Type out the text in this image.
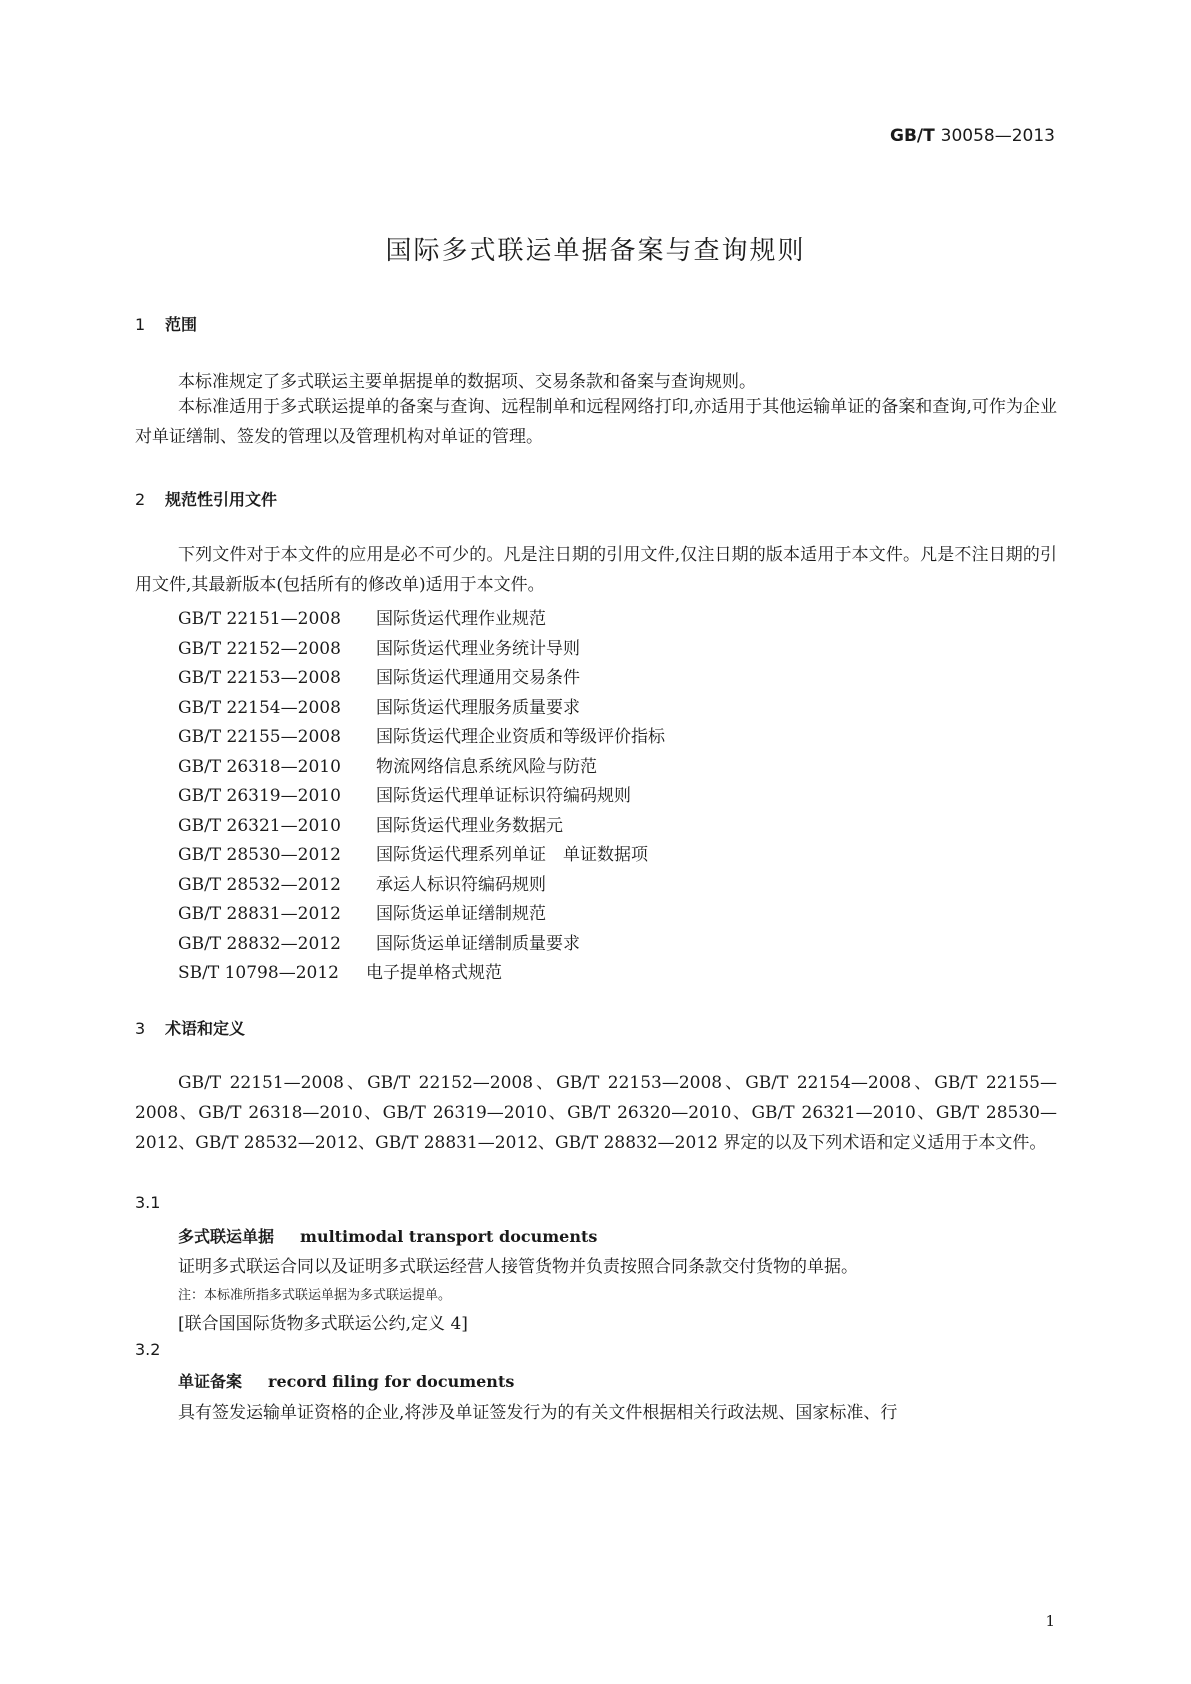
GB/T 30058—2013
国际多式联运单据备案与查询规则
1 范围
本标准规定了多式联运主要单据提单的数据项、交易条款和备案与查询规则。
本标准适用于多式联运提单的备案与查询、远程制单和远程网络打印,亦适用于其他运输单证的备案和查询,可作为企业对单证缮制、签发的管理以及管理机构对单证的管理。
2 规范性引用文件
下列文件对于本文件的应用是必不可少的。凡是注日期的引用文件,仅注日期的版本适用于本文件。凡是不注日期的引用文件,其最新版本(包括所有的修改单)适用于本文件。
GB/T 22151—2008 国际货运代理作业规范
GB/T 22152—2008 国际货运代理业务统计导则
GB/T 22153—2008 国际货运代理通用交易条件
GB/T 22154—2008 国际货运代理服务质量要求
GB/T 22155—2008 国际货运代理企业资质和等级评价指标
GB/T 26318—2010 物流网络信息系统风险与防范
GB/T 26319—2010 国际货运代理单证标识符编码规则
GB/T 26321—2010 国际货运代理业务数据元
GB/T 28530—2012 国际货运代理系列单证　单证数据项
GB/T 28532—2012 承运人标识符编码规则
GB/T 28831—2012 国际货运单证缮制规范
GB/T 28832—2012 国际货运单证缮制质量要求
SB/T 10798—2012 电子提单格式规范
3 术语和定义
GB/T 22151—2008、GB/T 22152—2008、GB/T 22153—2008、GB/T 22154—2008、GB/T 22155—2008、GB/T 26318—2010、GB/T 26319—2010、GB/T 26320—2010、GB/T 26321—2010、GB/T 28530—2012、GB/T 28532—2012、GB/T 28831—2012、GB/T 28832—2012 界定的以及下列术语和定义适用于本文件。
3.1
多式联运单据 multimodal transport documents
证明多式联运合同以及证明多式联运经营人接管货物并负责按照合同条款交付货物的单据。
注：本标准所指多式联运单据为多式联运提单。
[联合国国际货物多式联运公约,定义 4]
3.2
单证备案 record filing for documents
具有签发运输单证资格的企业,将涉及单证签发行为的有关文件根据相关行政法规、国家标准、行
1
